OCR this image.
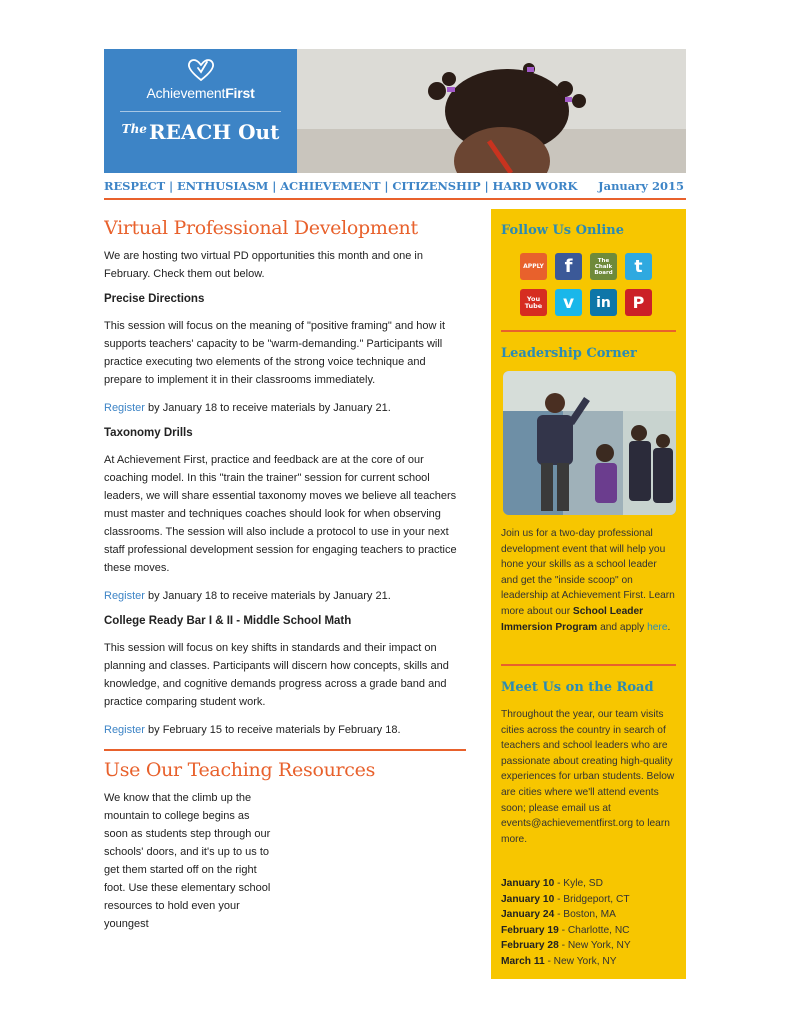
AchievementFirst
$^{The}$ REACH Out
RESPECT | ENTHUSIASM | ACHIEVEMENT | CITIZENSHIP | HARD WORK January 2015
Virtual Professional Development

We are hosting two virtual PD opportunities this month and one in February. Check them out below.

Precise Directions

This session will focus on the meaning of "positive framing" and how it supports teachers' capacity to be "warm-demanding." Participants will practice executing two elements of the strong voice technique and prepare to implement it in their classrooms immediately.

Register by January 18 to receive materials by January 21.

Taxonomy Drills

At Achievement First, practice and feedback are at the core of our coaching model. In this "train the trainer" session for current school leaders, we will share essential taxonomy moves we believe all teachers must master and techniques coaches should look for when observing classrooms. The session will also include a protocol to use in your next staff professional development session for engaging teachers to practice these moves.

Register by January 18 to receive materials by January 21.

College Ready Bar I & II - Middle School Math

This session will focus on key shifts in standards and their impact on planning and classes. Participants will discern how concepts, skills and knowledge, and cognitive demands progress across a grade band and practice comparing student work.

Register by February 15 to receive materials by February 18.

Use Our Teaching Resources

We know that the climb up the mountain to college begins as soon as students step through our schools' doors, and it's up to us to get them started off on the right foot. Use these elementary school resources to hold even your youngest

Follow Us Online
APPLY f	The Chalk Board t
You Tube v in P
Leadership Corner
Join us for a two-day professional development event that will help you hone your skills as a school leader and get the "inside scoop" on leadership at Achievement First. Learn more about our School Leader Immersion Program and apply here.
Meet Us on the Road
Throughout the year, our team visits cities across the country in search of teachers and school leaders who are passionate about creating high-quality experiences for urban students. Below are cities where we'll attend events soon; please email us at events@achievementfirst.org to learn more.
January 10 - Kyle, SD
January 10 - Bridgeport, CT
January 24 - Boston, MA
February 19 - Charlotte, NC
February 28 - New York, NY
March 11 - New York, NY
